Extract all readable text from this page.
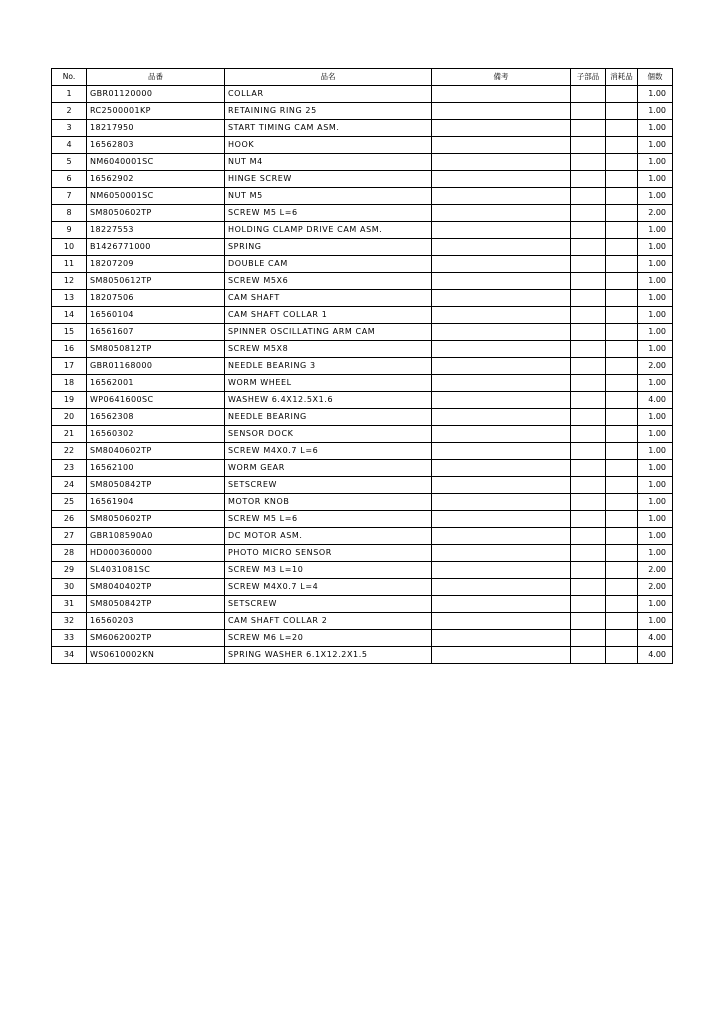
No.	品番	品名	備考	子部品	消耗品	個数
1	GBR01120000	COLLAR				1.00
2	RC2500001KP	RETAINING RING 25				1.00
3	18217950	START TIMING CAM ASM.				1.00
4	16562803	HOOK				1.00
5	NM6040001SC	NUT M4				1.00
6	16562902	HINGE SCREW				1.00
7	NM6050001SC	NUT M5				1.00
8	SM8050602TP	SCREW M5 L=6				2.00
9	18227553	HOLDING CLAMP DRIVE CAM ASM.				1.00
10	B1426771000	SPRING				1.00
11	18207209	DOUBLE CAM				1.00
12	SM8050612TP	SCREW M5X6				1.00
13	18207506	CAM SHAFT				1.00
14	16560104	CAM SHAFT COLLAR 1				1.00
15	16561607	SPINNER OSCILLATING ARM CAM				1.00
16	SM8050812TP	SCREW M5X8				1.00
17	GBR01168000	NEEDLE BEARING 3				2.00
18	16562001	WORM WHEEL				1.00
19	WP0641600SC	WASHEW 6.4X12.5X1.6				4.00
20	16562308	NEEDLE BEARING				1.00
21	16560302	SENSOR DOCK				1.00
22	SM8040602TP	SCREW M4X0.7 L=6				1.00
23	16562100	WORM GEAR				1.00
24	SM8050842TP	SETSCREW				1.00
25	16561904	MOTOR KNOB				1.00
26	SM8050602TP	SCREW M5 L=6				1.00
27	GBR108590A0	DC MOTOR ASM.				1.00
28	HD000360000	PHOTO MICRO SENSOR				1.00
29	SL4031081SC	SCREW M3 L=10				2.00
30	SM8040402TP	SCREW M4X0.7 L=4				2.00
31	SM8050842TP	SETSCREW				1.00
32	16560203	CAM SHAFT COLLAR 2				1.00
33	SM6062002TP	SCREW M6 L=20				4.00
34	WS0610002KN	SPRING WASHER 6.1X12.2X1.5				4.00
